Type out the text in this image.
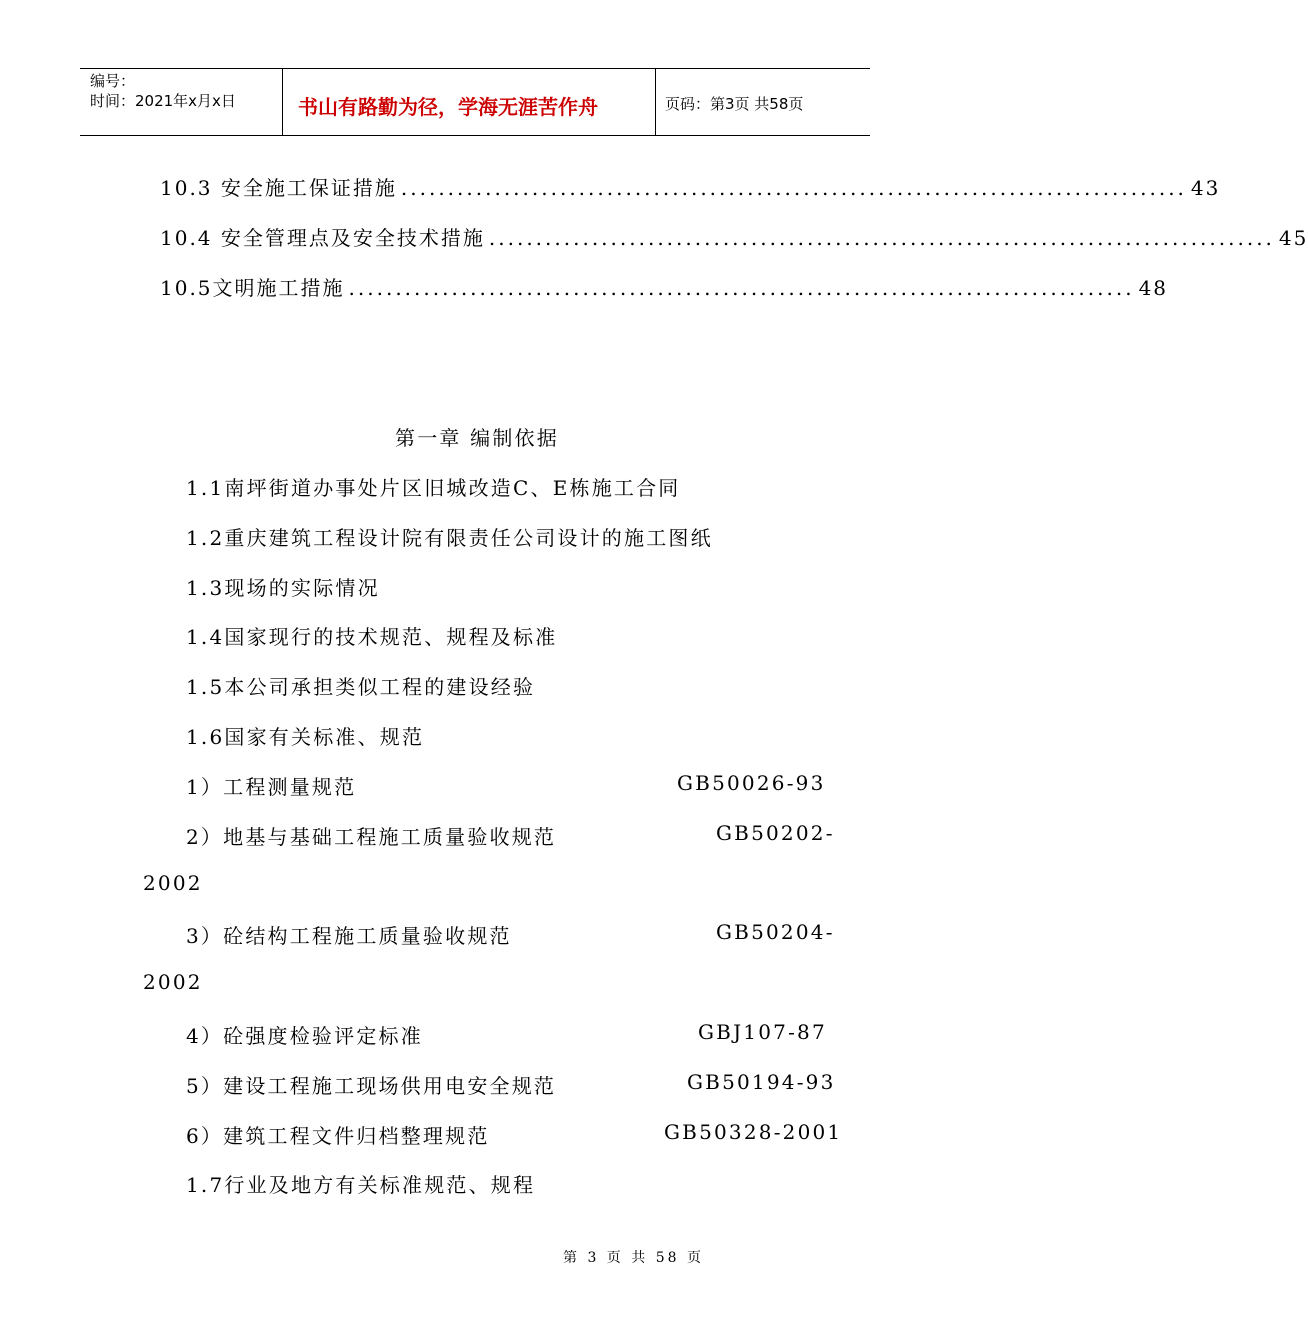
编号：
时间：2021年x月x日	书山有路勤为径，学海无涯苦作舟	页码：第3页 共58页
10.3 安全施工保证措施 .................................................................................... 43
10.4 安全管理点及安全技术措施 .................................................................................... 45
10.5文明施工措施 .................................................................................... 48
第一章 编制依据
1.1南坪街道办事处片区旧城改造C、E栋施工合同
1.2重庆建筑工程设计院有限责任公司设计的施工图纸
1.3现场的实际情况
1.4国家现行的技术规范、规程及标准
1.5本公司承担类似工程的建设经验
1.6国家有关标准、规范
1）工程测量规范	GB50026-93
2）地基与基础工程施工质量验收规范	GB50202-
2002
3）砼结构工程施工质量验收规范	GB50204-
2002
4）砼强度检验评定标准	GBJ107-87
5）建设工程施工现场供用电安全规范	GB50194-93
6）建筑工程文件归档整理规范	GB50328-2001
1.7行业及地方有关标准规范、规程
第 3 页 共 58 页
